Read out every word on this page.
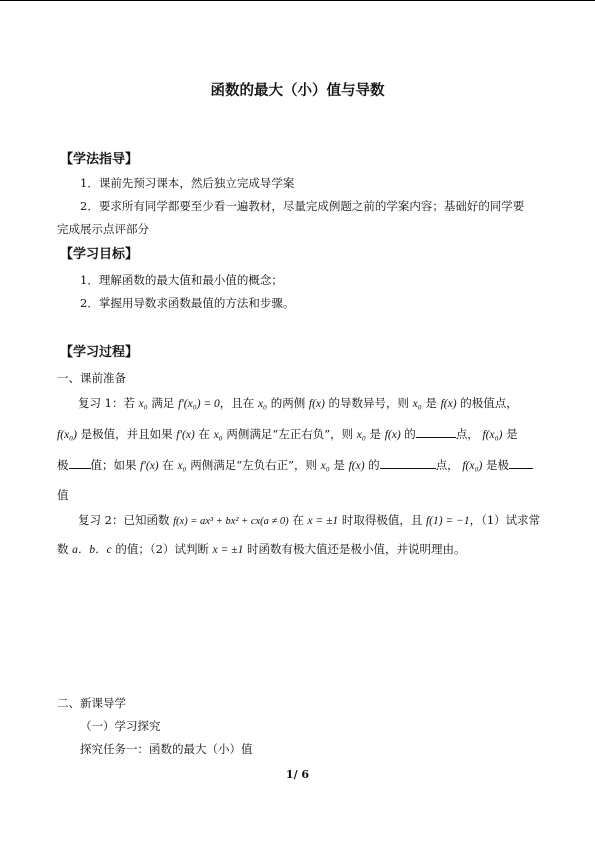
函数的最大（小）值与导数
【学法指导】
1．课前先预习课本，然后独立完成导学案
2．要求所有同学都要至少看一遍教材，尽量完成例题之前的学案内容；基础好的同学要
完成展示点评部分
【学习目标】
1．理解函数的最大值和最小值的概念；
2．掌握用导数求函数最值的方法和步骤。
【学习过程】
一、课前准备
复习 1：若 x₀ 满足 f′(x₀) = 0，且在 x₀ 的两侧 f(x) 的导数异号，则 x₀ 是 f(x) 的极值点，
f(x₀) 是极值，并且如果 f′(x) 在 x₀ 两侧满足“左正右负”，则 x₀ 是 f(x) 的	点， f(x₀) 是
极 值；如果 f′(x) 在 x₀ 两侧满足“左负右正”，则 x₀ 是 f(x) 的	点， f(x₀) 是极
值
复习 2：已知函数 f(x) = ax³ + bx² + cx(a ≠ 0) 在 x = ±1 时取得极值，且 f(1) = −1，（1）试求常
数 a．b．c 的值；（2）试判断 x = ±1 时函数有极大值还是极小值，并说明理由。
二、新课导学
（一）学习探究
探究任务一：函数的最大（小）值
1/ 6
